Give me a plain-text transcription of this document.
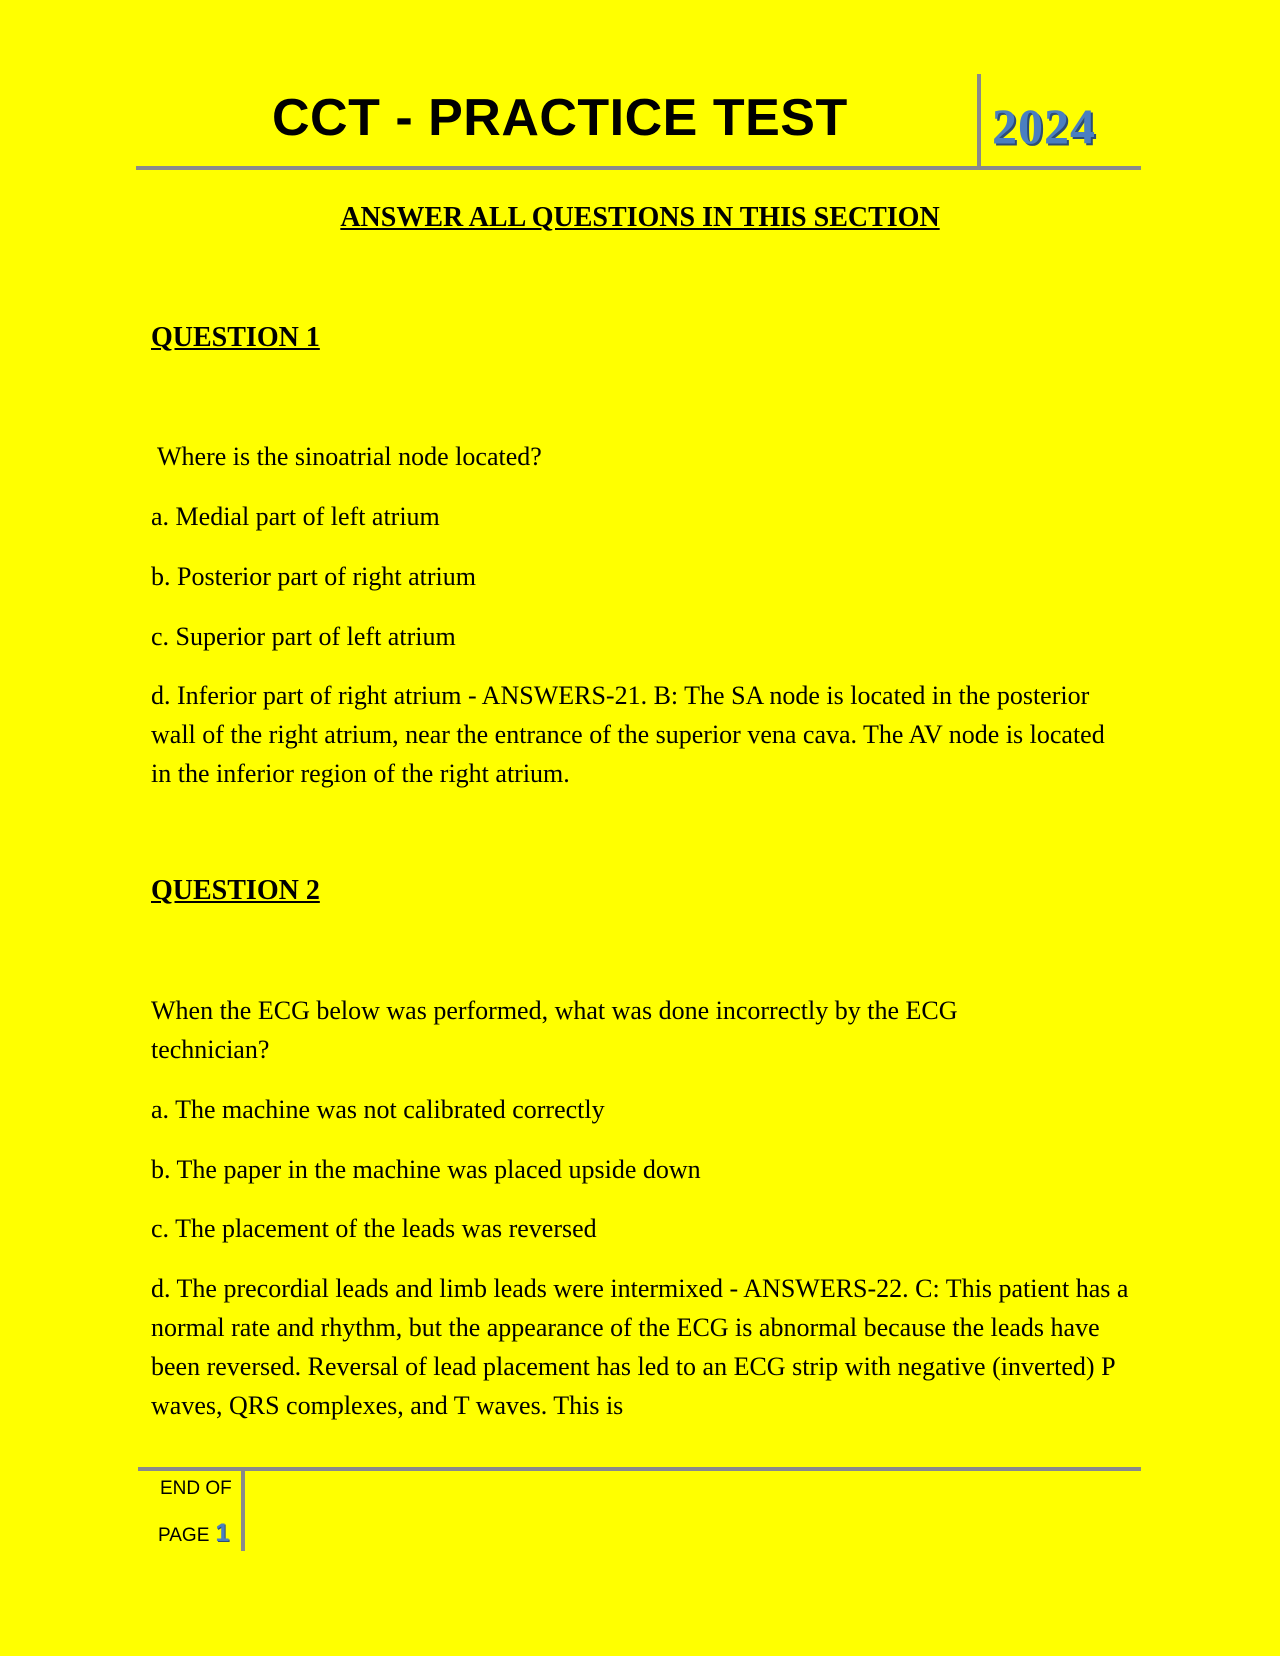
CCT - PRACTICE TEST	2024
ANSWER ALL QUESTIONS IN THIS SECTION
QUESTION 1
Where is the sinoatrial node located?
a. Medial part of left atrium
b. Posterior part of right atrium
c. Superior part of left atrium
d. Inferior part of right atrium - ANSWERS-21. B: The SA node is located in the posterior wall of the right atrium, near the entrance of the superior vena cava. The AV node is located in the inferior region of the right atrium.
QUESTION 2
When the ECG below was performed, what was done incorrectly by the ECG technician?
a. The machine was not calibrated correctly
b. The paper in the machine was placed upside down
c. The placement of the leads was reversed
d. The precordial leads and limb leads were intermixed - ANSWERS-22. C: This patient has a normal rate and rhythm, but the appearance of the ECG is abnormal because the leads have been reversed. Reversal of lead placement has led to an ECG strip with negative (inverted) P waves, QRS complexes, and T waves. This is
END OF
PAGE 1
